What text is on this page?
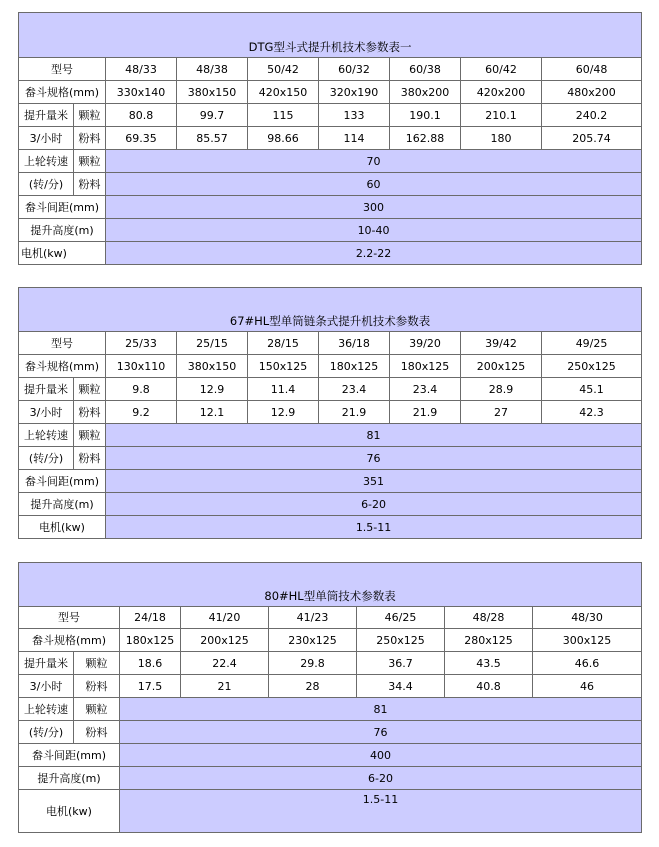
DTG型斗式提升机技术参数表一								
型号		48/33	48/38	50/42	60/32	60/38	60/42	60/48
畚斗规格(mm)		330x140	380x150	420x150	320x190	380x200	420x200	480x200
提升量米	颗粒	80.8	99.7	115	133	190.1	210.1	240.2
3/小时	粉料	69.35	85.57	98.66	114	162.88	180	205.74
上轮转速	颗粒	70						
(转/分)	粉料	60						
畚斗间距(mm)		300						
提升高度(m)		10-40						
电机(kw)		2.2-22						
67#HL型单筒链条式提升机技术参数表								
型号		25/33	25/15	28/15	36/18	39/20	39/42	49/25
畚斗规格(mm)		130x110	380x150	150x125	180x125	180x125	200x125	250x125
提升量米	颗粒	9.8	12.9	11.4	23.4	23.4	28.9	45.1
3/小时	粉料	9.2	12.1	12.9	21.9	21.9	27	42.3
上轮转速	颗粒	81						
(转/分)	粉料	76						
畚斗间距(mm)		351						
提升高度(m)		6-20						
电机(kw)		1.5-11						
80#HL型单筒技术参数表							
型号		24/18	41/20	41/23	46/25	48/28	48/30
畚斗规格(mm)		180x125	200x125	230x125	250x125	280x125	300x125
提升量米	颗粒	18.6	22.4	29.8	36.7	43.5	46.6
3/小时	粉料	17.5	21	28	34.4	40.8	46
上轮转速	颗粒	81					
(转/分)	粉料	76					
畚斗间距(mm)		400					
提升高度(m)		6-20					
电机(kw)		1.5-11					
